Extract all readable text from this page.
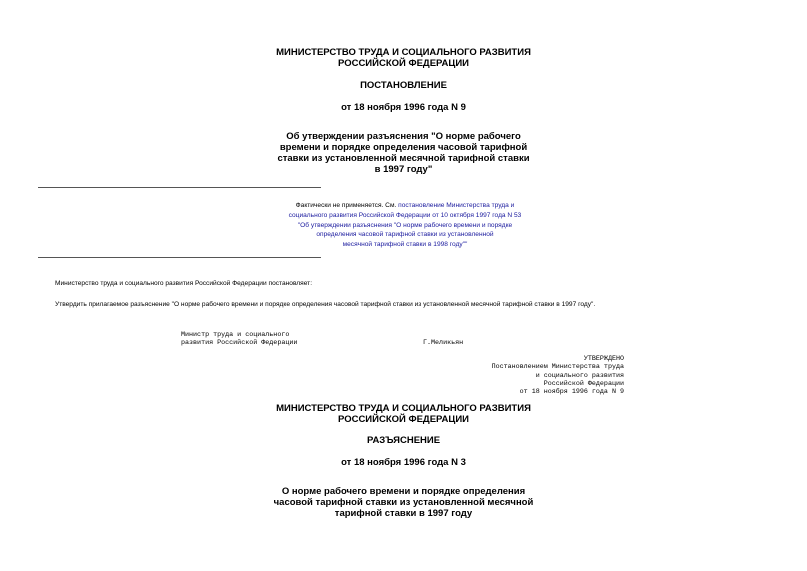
МИНИСТЕРСТВО ТРУДА И СОЦИАЛЬНОГО РАЗВИТИЯ
РОССИЙСКОЙ ФЕДЕРАЦИИ
ПОСТАНОВЛЕНИЕ
от 18 ноября 1996 года N 9
Об утверждении разъяснения "О норме рабочего
времени и порядке определения часовой тарифной
ставки из установленной месячной тарифной ставки
в 1997 году"
Фактически не применяется. См. постановление Министерства труда и
социального развития Российской Федерации от 10 октября 1997 года N 53
"Об утверждении разъяснения "О норме рабочего времени и порядке
определения часовой тарифной ставки из установленной
месячной тарифной ставки в 1998 году""
Министерство труда и социального развития Российской Федерации постановляет:
Утвердить прилагаемое разъяснение "О норме рабочего времени и порядке определения часовой тарифной ставки из установленной месячной тарифной ставки в 1997 году".
Министр труда и социального
развития Российской Федерации	Г.Меликьян
УТВЕРЖДЕНО
Постановлением Министерства труда
и социального развития
Российской Федерации
от 18 ноября 1996 года N 9
МИНИСТЕРСТВО ТРУДА И СОЦИАЛЬНОГО РАЗВИТИЯ
РОССИЙСКОЙ ФЕДЕРАЦИИ
РАЗЪЯСНЕНИЕ
от 18 ноября 1996 года N 3
О норме рабочего времени и порядке определения
часовой тарифной ставки из установленной месячной
тарифной ставки в 1997 году
